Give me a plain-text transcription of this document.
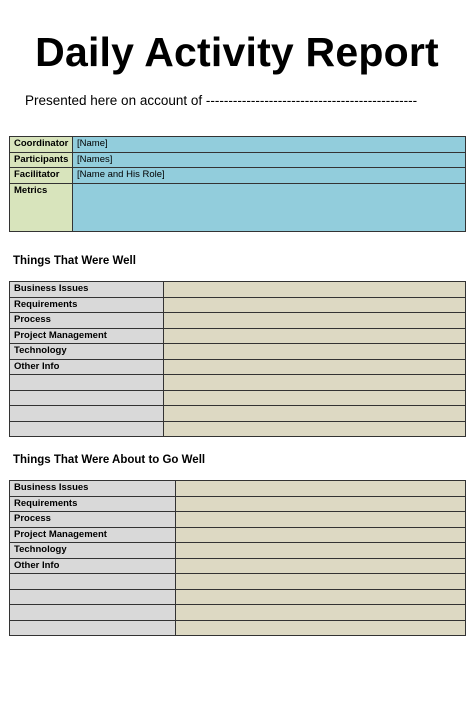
Daily Activity Report
Presented here on account of -----------------------------------------------
Coordinator	[Name]
Participants	[Names]
Facilitator	[Name and His Role]
Metrics	
Things That Were Well
Business Issues	
Requirements	
Process	
Project Management	
Technology	
Other Info	

Things That Were About to Go Well
Business Issues	
Requirements	
Process	
Project Management	
Technology	
Other Info	
